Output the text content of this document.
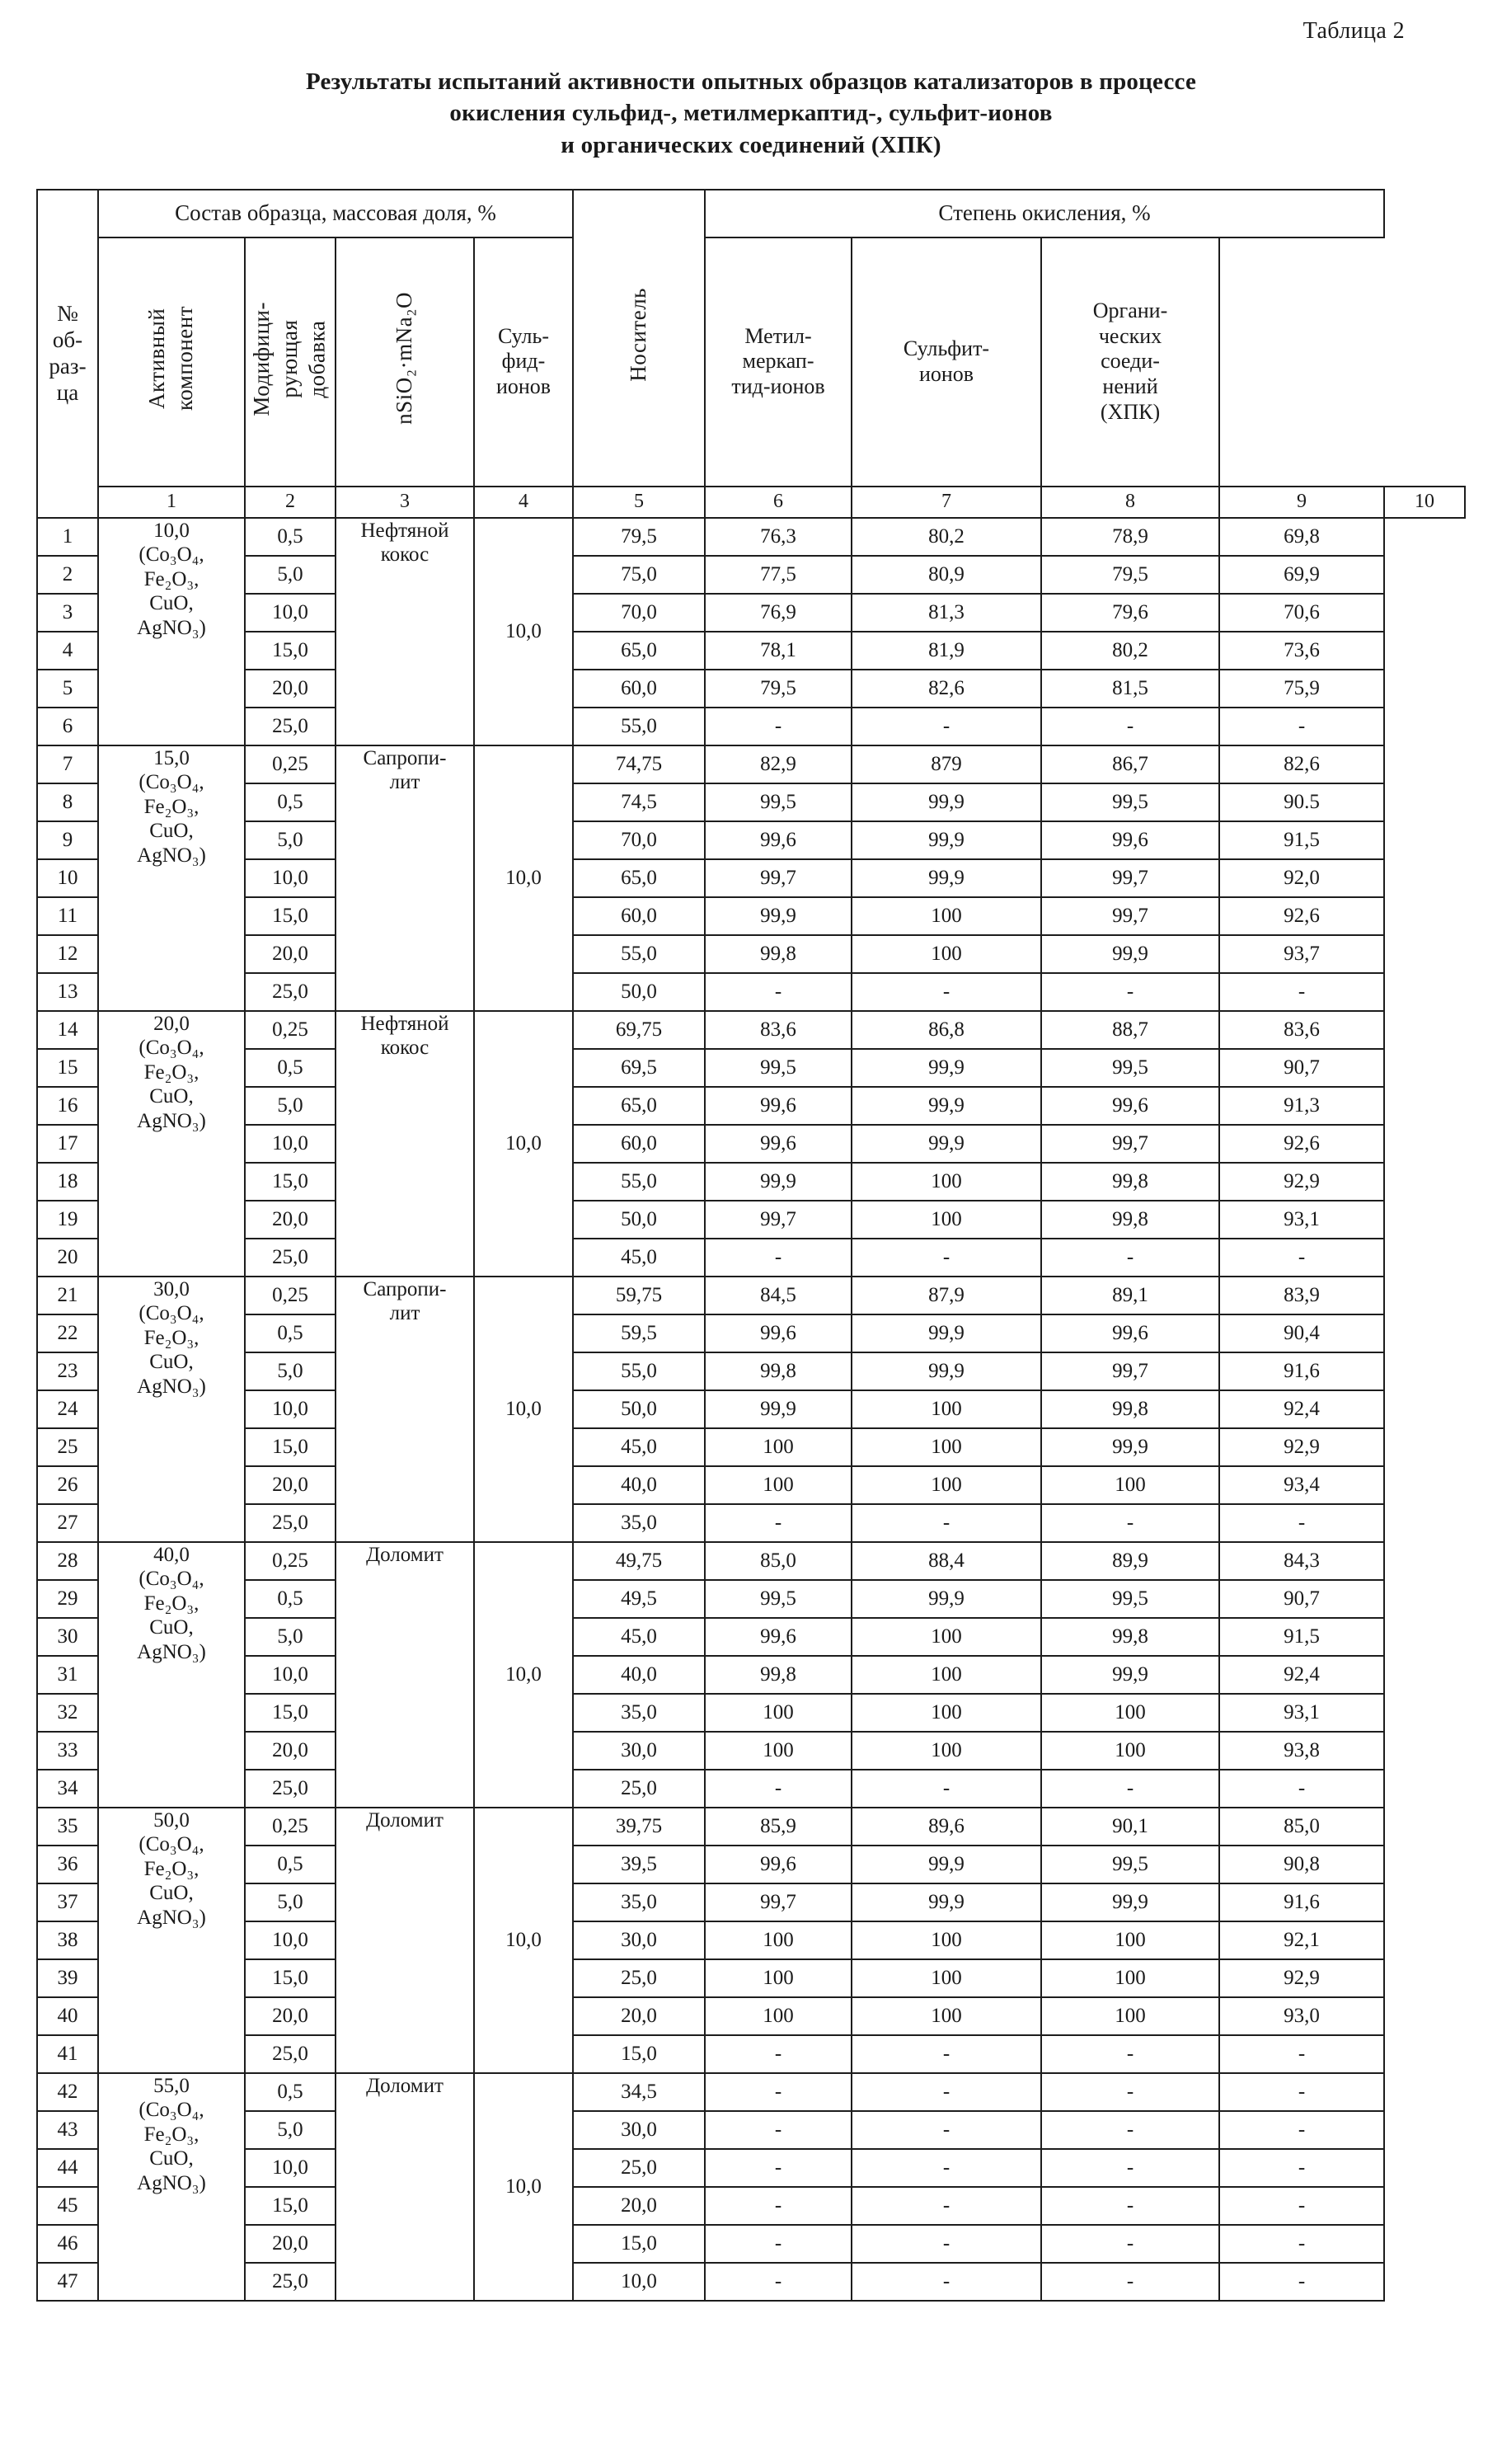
Таблица 2
Результаты испытаний активности опытных образцов катализаторов в процессе
окисления сульфид-, метилмеркаптид-, сульфит-ионов
и органических соединений (ХПК)
№
об-
раз-
ца	Состав образца, массовая доля, %				Носитель	Степень окисления, %				
	Активный
компонент	Модифици-
рующая
добавка	nSiO₂·mNa₂O	Суль-
фид-
ионов		Метил-
меркап-
тид-ионов	Сульфит-
ионов	Органи-
ческих
соеди-
нений
(ХПК)		
	1	2	3	4	5	6	7	8	9	10
1	10,0
(Co₃O₄,
Fe₂O₃,
CuO,
AgNO₃)	0,5	Нефтяной
кокос	10,0	79,5	76,3	80,2	78,9	69,8	
2		5,0			75,0	77,5	80,9	79,5	69,9	
3		10,0			70,0	76,9	81,3	79,6	70,6	
4		15,0			65,0	78,1	81,9	80,2	73,6	
5		20,0			60,0	79,5	82,6	81,5	75,9	
6		25,0			55,0	-	-	-	-	
7	15,0
(Co₃O₄,
Fe₂O₃,
CuO,
AgNO₃)	0,25	Сапропи-
лит	10,0	74,75	82,9	879	86,7	82,6	
8		0,5			74,5	99,5	99,9	99,5	90.5	
9		5,0			70,0	99,6	99,9	99,6	91,5	
10		10,0			65,0	99,7	99,9	99,7	92,0	
11		15,0			60,0	99,9	100	99,7	92,6	
12		20,0			55,0	99,8	100	99,9	93,7	
13		25,0			50,0	-	-	-	-	
14	20,0
(Co₃O₄,
Fe₂O₃,
CuO,
AgNO₃)	0,25	Нефтяной
кокос	10,0	69,75	83,6	86,8	88,7	83,6	
15		0,5			69,5	99,5	99,9	99,5	90,7	
16		5,0			65,0	99,6	99,9	99,6	91,3	
17		10,0			60,0	99,6	99,9	99,7	92,6	
18		15,0			55,0	99,9	100	99,8	92,9	
19		20,0			50,0	99,7	100	99,8	93,1	
20		25,0			45,0	-	-	-	-	
21	30,0
(Co₃O₄,
Fe₂O₃,
CuO,
AgNO₃)	0,25	Сапропи-
лит	10,0	59,75	84,5	87,9	89,1	83,9	
22		0,5			59,5	99,6	99,9	99,6	90,4	
23		5,0			55,0	99,8	99,9	99,7	91,6	
24		10,0			50,0	99,9	100	99,8	92,4	
25		15,0			45,0	100	100	99,9	92,9	
26		20,0			40,0	100	100	100	93,4	
27		25,0			35,0	-	-	-	-	
28	40,0
(Co₃O₄,
Fe₂O₃,
CuO,
AgNO₃)	0,25	Доломит	10,0	49,75	85,0	88,4	89,9	84,3	
29		0,5			49,5	99,5	99,9	99,5	90,7	
30		5,0			45,0	99,6	100	99,8	91,5	
31		10,0			40,0	99,8	100	99,9	92,4	
32		15,0			35,0	100	100	100	93,1	
33		20,0			30,0	100	100	100	93,8	
34		25,0			25,0	-	-	-	-	
35	50,0
(Co₃O₄,
Fe₂O₃,
CuO,
AgNO₃)	0,25	Доломит	10,0	39,75	85,9	89,6	90,1	85,0	
36		0,5			39,5	99,6	99,9	99,5	90,8	
37		5,0			35,0	99,7	99,9	99,9	91,6	
38		10,0			30,0	100	100	100	92,1	
39		15,0			25,0	100	100	100	92,9	
40		20,0			20,0	100	100	100	93,0	
41		25,0			15,0	-	-	-	-	
42	55,0
(Co₃O₄,
Fe₂O₃,
CuO,
AgNO₃)	0,5	Доломит	10,0	34,5	-	-	-	-	
43		5,0			30,0	-	-	-	-	
44		10,0			25,0	-	-	-	-	
45		15,0			20,0	-	-	-	-	
46		20,0			15,0	-	-	-	-	
47		25,0			10,0	-	-	-	-	
